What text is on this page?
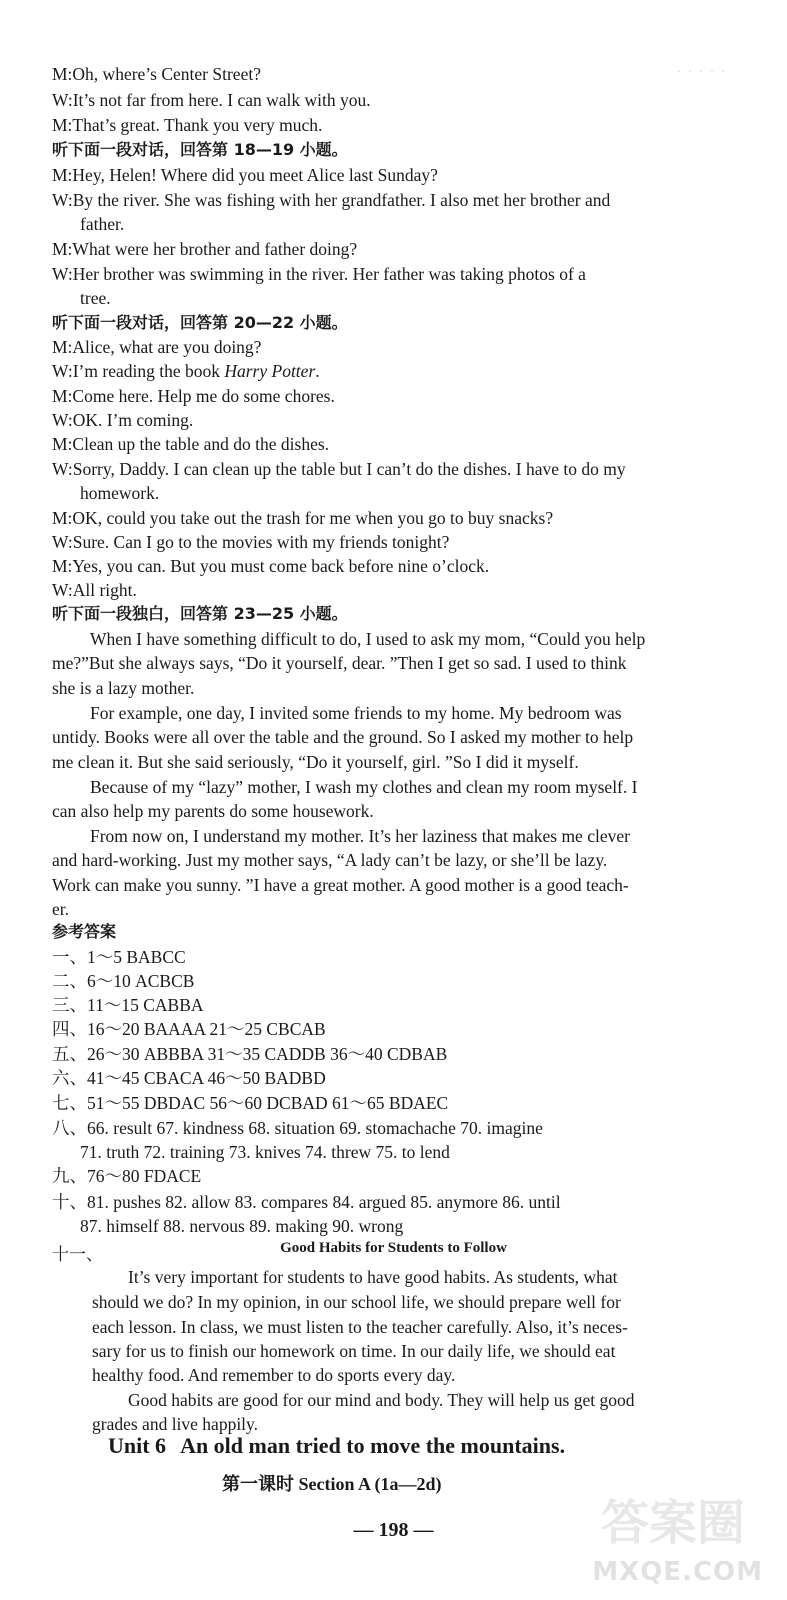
· · · · ·
M:Oh, where’s Center Street?
W:It’s not far from here. I can walk with you.
M:That’s great. Thank you very much.
听下面一段对话，回答第 18—19 小题。
M:Hey, Helen! Where did you meet Alice last Sunday?
W:By the river. She was fishing with her grandfather. I also met her brother and
father.
M:What were her brother and father doing?
W:Her brother was swimming in the river. Her father was taking photos of a
tree.
听下面一段对话，回答第 20—22 小题。
M:Alice, what are you doing?
W:I’m reading the book Harry Potter.
M:Come here. Help me do some chores.
W:OK. I’m coming.
M:Clean up the table and do the dishes.
W:Sorry, Daddy. I can clean up the table but I can’t do the dishes. I have to do my
homework.
M:OK, could you take out the trash for me when you go to buy snacks?
W:Sure. Can I go to the movies with my friends tonight?
M:Yes, you can. But you must come back before nine o’clock.
W:All right.
听下面一段独白，回答第 23—25 小题。
When I have something difficult to do, I used to ask my mom, “Could you help
me?”But she always says, “Do it yourself, dear. ”Then I get so sad. I used to think
she is a lazy mother.
For example, one day, I invited some friends to my home. My bedroom was
untidy. Books were all over the table and the ground. So I asked my mother to help
me clean it. But she said seriously, “Do it yourself, girl. ”So I did it myself.
Because of my “lazy” mother, I wash my clothes and clean my room myself. I
can also help my parents do some housework.
From now on, I understand my mother. It’s her laziness that makes me clever
and hard-working. Just my mother says, “A lady can’t be lazy, or she’ll be lazy.
Work can make you sunny. ”I have a great mother. A good mother is a good teach-
er.
参考答案
一、1～5 BABCC
二、6～10 ACBCB
三、11～15 CABBA
四、16～20 BAAAA 21～25 CBCAB
五、26～30 ABBBA 31～35 CADDB 36～40 CDBAB
六、41～45 CBACA 46～50 BADBD
七、51～55 DBDAC 56～60 DCBAD 61～65 BDAEC
八、66. result 67. kindness 68. situation 69. stomachache 70. imagine
71. truth 72. training 73. knives 74. threw 75. to lend
九、76～80 FDACE
十、81. pushes 82. allow 83. compares 84. argued 85. anymore 86. until
87. himself 88. nervous 89. making 90. wrong
十一、	Good Habits for Students to Follow
It’s very important for students to have good habits. As students, what
should we do? In my opinion, in our school life, we should prepare well for
each lesson. In class, we must listen to the teacher carefully. Also, it’s neces-
sary for us to finish our homework on time. In our daily life, we should eat
healthy food. And remember to do sports every day.
Good habits are good for our mind and body. They will help us get good
grades and live happily.
Unit 6 An old man tried to move the mountains.
第一课时 Section A (1a—2d)
— 198 —	答案圈
MXQE.COM
